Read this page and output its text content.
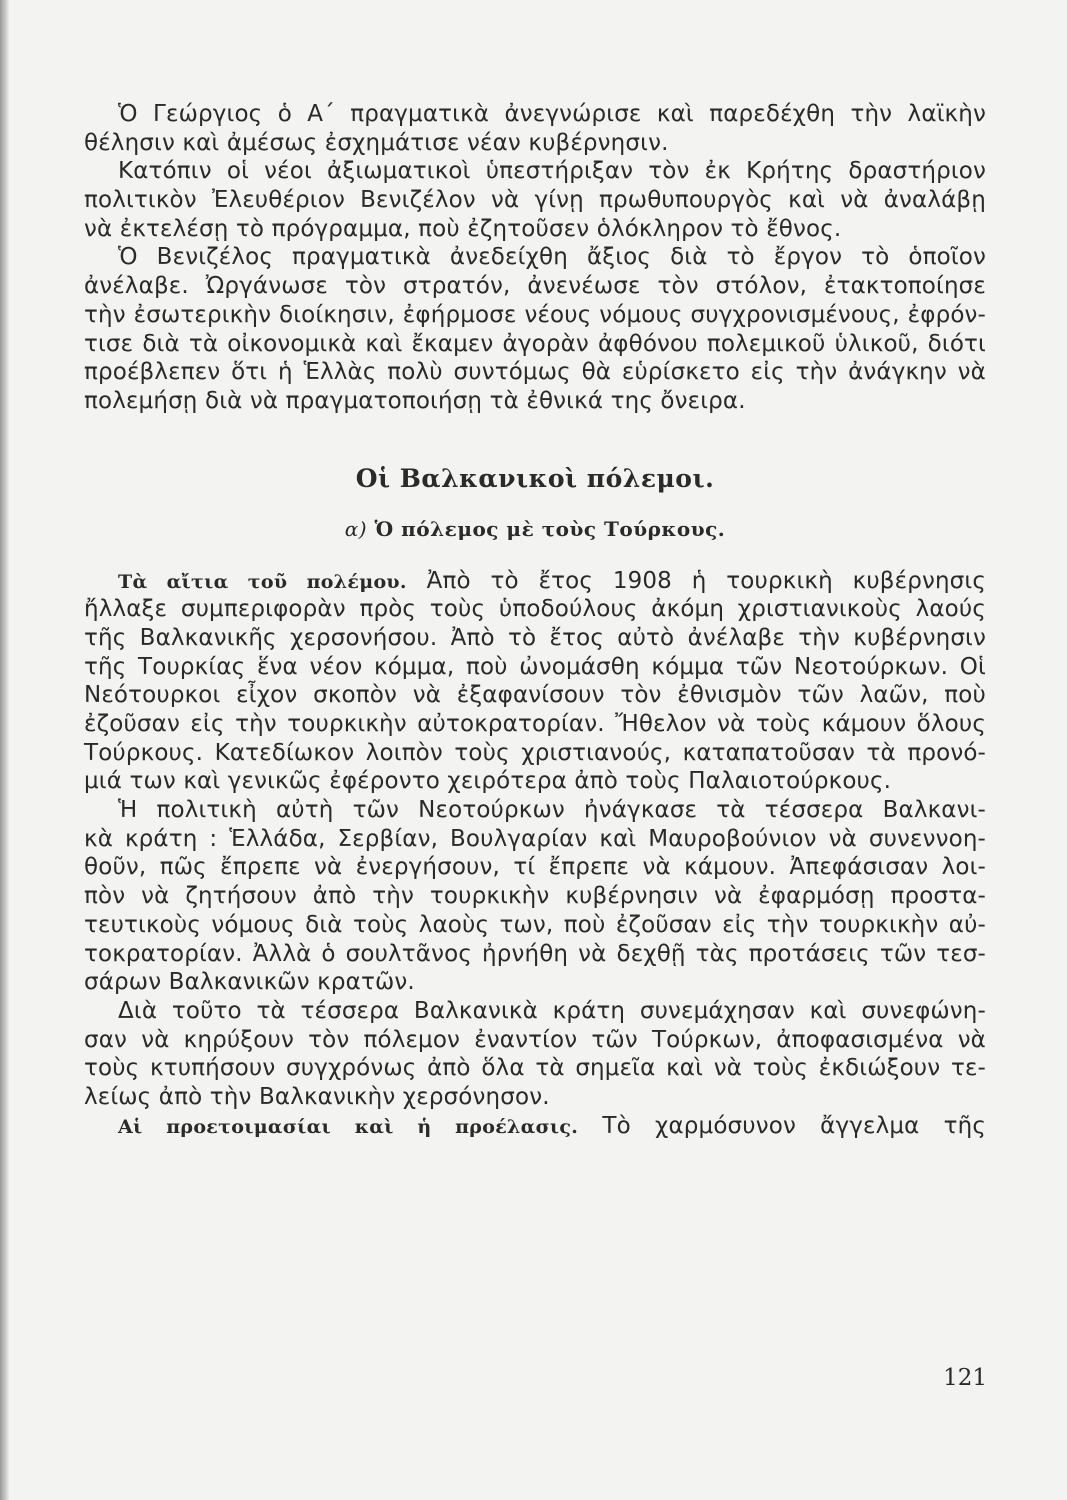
Ὁ Γεώργιος ὁ Α΄ πραγματικὰ ἀνεγνώρισε καὶ παρεδέχθη τὴν λαϊκὴν
θέλησιν καὶ ἀμέσως ἐσχημάτισε νέαν κυβέρνησιν.
Κατόπιν οἱ νέοι ἀξιωματικοὶ ὑπεστήριξαν τὸν ἐκ Κρήτης δραστήριον
πολιτικὸν Ἐλευθέριον Βενιζέλον νὰ γίνῃ πρωθυπουργὸς καὶ νὰ ἀναλάβῃ
νὰ ἐκτελέσῃ τὸ πρόγραμμα, ποὺ ἐζητοῦσεν ὁλόκληρον τὸ ἔθνος.
Ὁ Βενιζέλος πραγματικὰ ἀνεδείχθη ἄξιος διὰ τὸ ἔργον τὸ ὁποῖον
ἀνέλαβε. Ὠργάνωσε τὸν στρατόν, ἀνενέωσε τὸν στόλον, ἐτακτοποίησε
τὴν ἐσωτερικὴν διοίκησιν, ἐφήρμοσε νέους νόμους συγχρονισμένους, ἐφρόν-
τισε διὰ τὰ οἰκονομικὰ καὶ ἔκαμεν ἀγορὰν ἀφθόνου πολεμικοῦ ὑλικοῦ, διότι
προέβλεπεν ὅτι ἡ Ἑλλὰς πολὺ συντόμως θὰ εὑρίσκετο εἰς τὴν ἀνάγκην νὰ
πολεμήσῃ διὰ νὰ πραγματοποιήσῃ τὰ ἐθνικά της ὄνειρα.
Οἱ Βαλκανικοὶ πόλεμοι.
α) Ὁ πόλεμος μὲ τοὺς Τούρκους.
Τὰ αἴτια τοῦ πολέμου. Ἀπὸ τὸ ἔτος 1908 ἡ τουρκικὴ κυβέρνησις
ἤλλαξε συμπεριφορὰν πρὸς τοὺς ὑποδούλους ἀκόμη χριστιανικοὺς λαούς
τῆς Βαλκανικῆς χερσονήσου. Ἀπὸ τὸ ἔτος αὐτὸ ἀνέλαβε τὴν κυβέρνησιν
τῆς Τουρκίας ἕνα νέον κόμμα, ποὺ ὠνομάσθη κόμμα τῶν Νεοτούρκων. Οἱ
Νεότουρκοι εἶχον σκοπὸν νὰ ἐξαφανίσουν τὸν ἐθνισμὸν τῶν λαῶν, ποὺ
ἐζοῦσαν εἰς τὴν τουρκικὴν αὐτοκρατορίαν. Ἤθελον νὰ τοὺς κάμουν ὅλους
Τούρκους. Κατεδίωκον λοιπὸν τοὺς χριστιανούς, καταπατοῦσαν τὰ προνό-
μιά των καὶ γενικῶς ἐφέροντο χειρότερα ἀπὸ τοὺς Παλαιοτούρκους.
Ἡ πολιτικὴ αὐτὴ τῶν Νεοτούρκων ἠνάγκασε τὰ τέσσερα Βαλκανι-
κὰ κράτη : Ἑλλάδα, Σερβίαν, Βουλγαρίαν καὶ Μαυροβούνιον νὰ συνεννοη-
θοῦν, πῶς ἔπρεπε νὰ ἐνεργήσουν, τί ἔπρεπε νὰ κάμουν. Ἀπεφάσισαν λοι-
πὸν νὰ ζητήσουν ἀπὸ τὴν τουρκικὴν κυβέρνησιν νὰ ἐφαρμόσῃ προστα-
τευτικοὺς νόμους διὰ τοὺς λαοὺς των, ποὺ ἐζοῦσαν εἰς τὴν τουρκικὴν αὐ-
τοκρατορίαν. Ἀλλὰ ὁ σουλτᾶνος ἠρνήθη νὰ δεχθῇ τὰς προτάσεις τῶν τεσ-
σάρων Βαλκανικῶν κρατῶν.
Διὰ τοῦτο τὰ τέσσερα Βαλκανικὰ κράτη συνεμάχησαν καὶ συνεφώνη-
σαν νὰ κηρύξουν τὸν πόλεμον ἐναντίον τῶν Τούρκων, ἀποφασισμένα νὰ
τοὺς κτυπήσουν συγχρόνως ἀπὸ ὅλα τὰ σημεῖα καὶ νὰ τοὺς ἐκδιώξουν τε-
λείως ἀπὸ τὴν Βαλκανικὴν χερσόνησον.
Αἱ προετοιμασίαι καὶ ἡ προέλασις. Τὸ χαρμόσυνον ἄγγελμα τῆς
121
